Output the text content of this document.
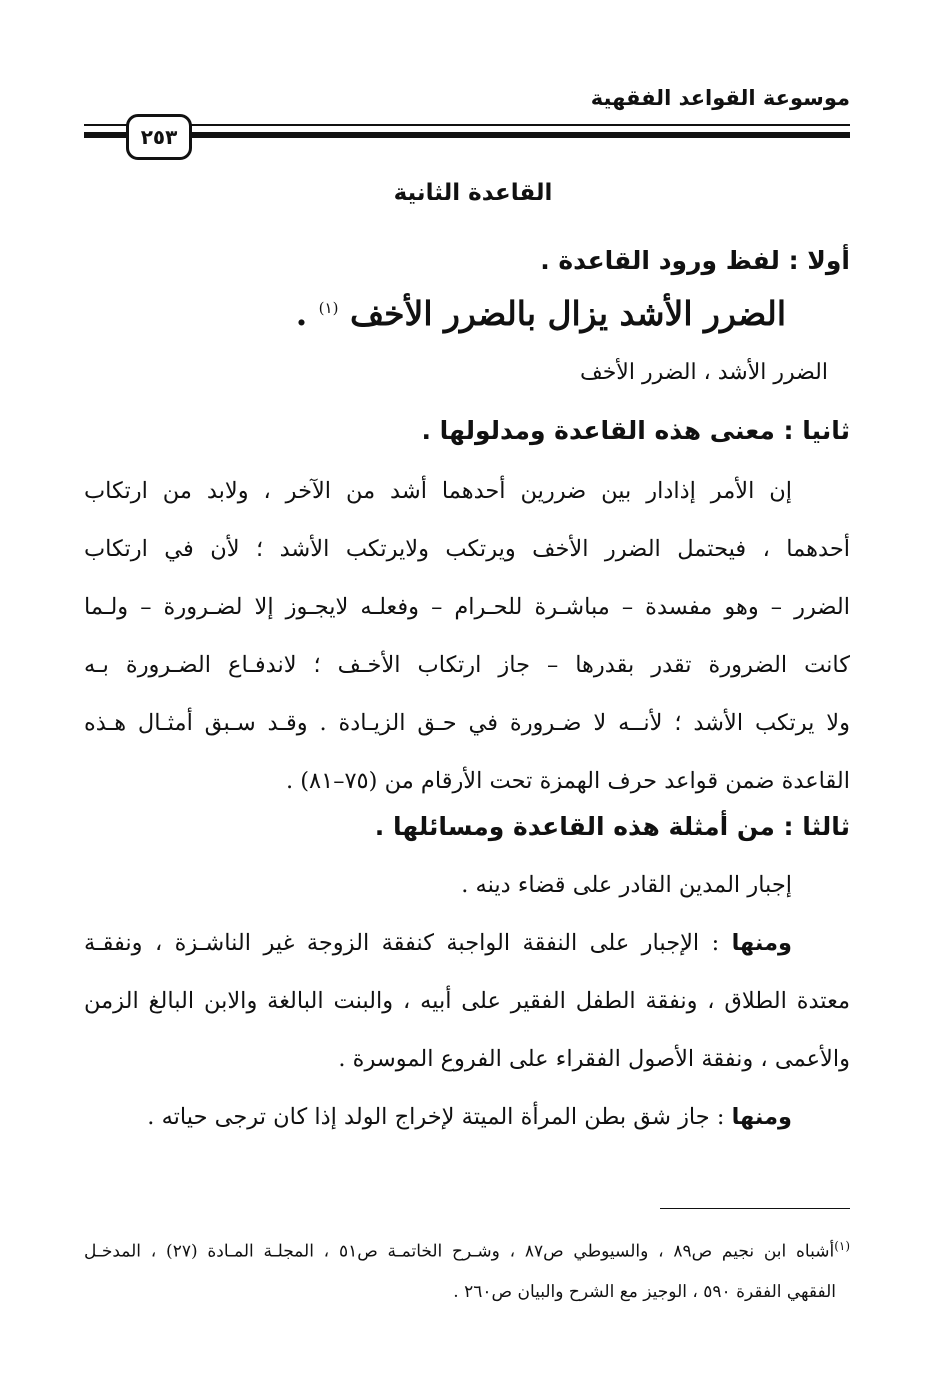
موسوعة القواعد الفقهية
٢٥٣
القاعدة الثانية
أولا : لفظ ورود القاعدة .
الضرر الأشد يزال بالضرر الأخف $^{(١)}$ .
الضرر الأشد ، الضرر الأخف
ثانيا : معنى هذه القاعدة ومدلولها .
إن الأمر إذادار بين ضررين أحدهما أشد من الآخر ، ولابد من ارتكاب
أحدهما ، فيحتمل الضرر الأخف ويرتكب ولايرتكب الأشد ؛ لأن في ارتكاب
الضرر – وهو مفسدة – مباشـرة للحـرام – وفعلـه لايجـوز إلا لضـرورة – ولـما
كانت الضرورة تقدر بقدرها – جاز ارتكاب الأخـف ؛ لاندفـاع الضـرورة بـه
ولا يرتكب الأشد ؛ لأنــه لا ضـرورة في حـق الزيـادة . وقـد سـبق أمثـال هـذه
القاعدة ضمن قواعد حرف الهمزة تحت الأرقام من (٧٥–٨١) .
ثالثا : من أمثلة هذه القاعدة ومسائلها .
إجبار المدين القادر على قضاء دينه .
ومنها : الإجبار على النفقة الواجبة كنفقة الزوجة غير الناشـزة ، ونفقـة
معتدة الطلاق ، ونفقة الطفل الفقير على أبيه ، والبنت البالغة والابن البالغ الزمن
والأعمى ، ونفقة الأصول الفقراء على الفروع الموسرة .
ومنها : جاز شق بطن المرأة الميتة لإخراج الولد إذا كان ترجى حياته .
$^{(١)}$أشباه ابن نجيم ص٨٩ ، والسيوطي ص٨٧ ، وشـرح الخاتمـة ص٥١ ، المجلـة المـادة (٢٧) ، المدخـل
الفقهي الفقرة ٥٩٠ ، الوجيز مع الشرح والبيان ص٢٦٠ .
